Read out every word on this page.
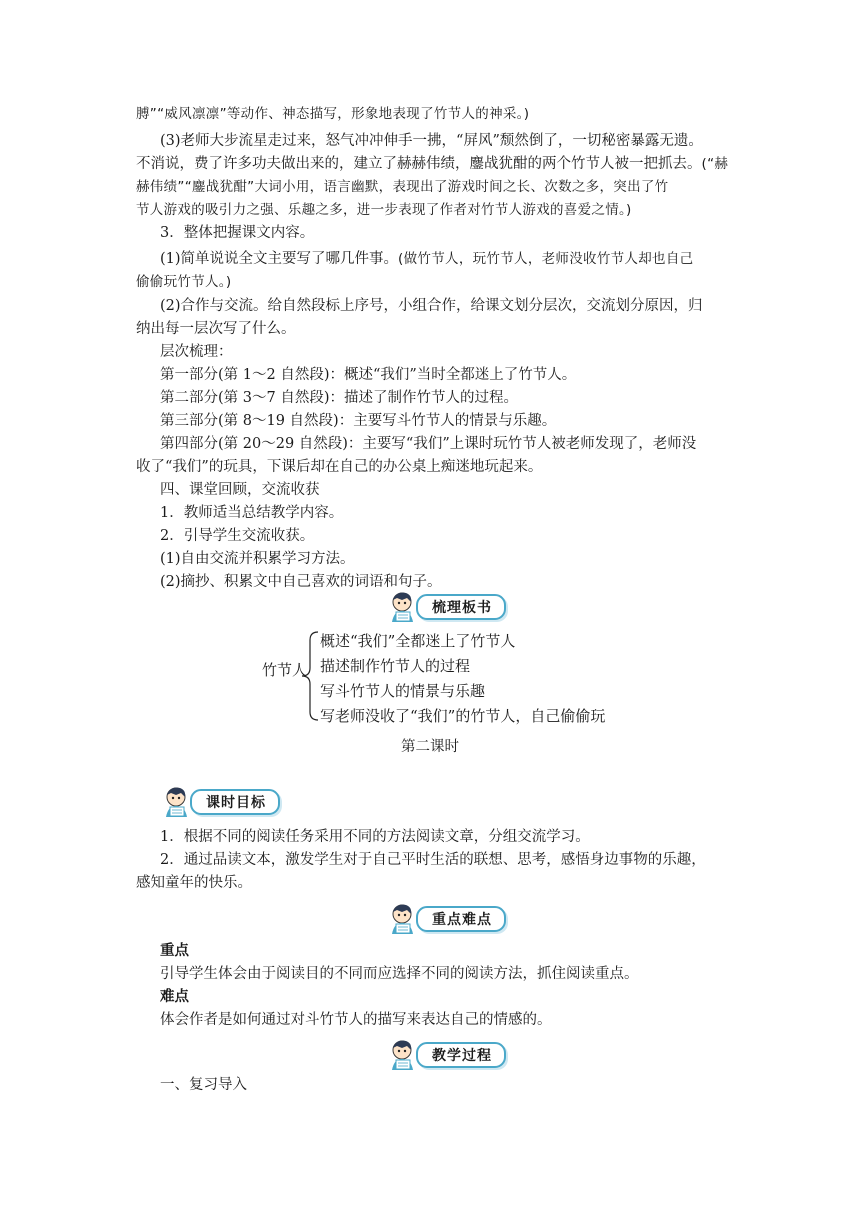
膊”“威风凛凛”等动作、神态描写，形象地表现了竹节人的神采。)
(3)老师大步流星走过来，怒气冲冲伸手一拂，“屏风”颓然倒了，一切秘密暴露无遗。
不消说，费了许多功夫做出来的，建立了赫赫伟绩，鏖战犹酣的两个竹节人被一把抓去。(“赫
赫伟绩”“鏖战犹酣”大词小用，语言幽默，表现出了游戏时间之长、次数之多，突出了竹
节人游戏的吸引力之强、乐趣之多，进一步表现了作者对竹节人游戏的喜爱之情。)
3．整体把握课文内容。
(1)简单说说全文主要写了哪几件事。(做竹节人，玩竹节人，老师没收竹节人却也自己
偷偷玩竹节人。)
(2)合作与交流。给自然段标上序号，小组合作，给课文划分层次，交流划分原因，归
纳出每一层次写了什么。
层次梳理：
第一部分(第 1～2 自然段)：概述“我们”当时全都迷上了竹节人。
第二部分(第 3～7 自然段)：描述了制作竹节人的过程。
第三部分(第 8～19 自然段)：主要写斗竹节人的情景与乐趣。
第四部分(第 20～29 自然段)：主要写“我们”上课时玩竹节人被老师发现了，老师没
收了“我们”的玩具，下课后却在自己的办公桌上痴迷地玩起来。
四、课堂回顾，交流收获
1．教师适当总结教学内容。
2．引导学生交流收获。
(1)自由交流并积累学习方法。
(2)摘抄、积累文中自己喜欢的词语和句子。
梳理板书
竹节人
概述“我们”全都迷上了竹节人
描述制作竹节人的过程
写斗竹节人的情景与乐趣
写老师没收了“我们”的竹节人，自己偷偷玩
第二课时
课时目标
1．根据不同的阅读任务采用不同的方法阅读文章，分组交流学习。
2．通过品读文本，激发学生对于自己平时生活的联想、思考，感悟身边事物的乐趣，
感知童年的快乐。
重点难点
重点
引导学生体会由于阅读目的不同而应选择不同的阅读方法，抓住阅读重点。
难点
体会作者是如何通过对斗竹节人的描写来表达自己的情感的。
教学过程
一、复习导入
